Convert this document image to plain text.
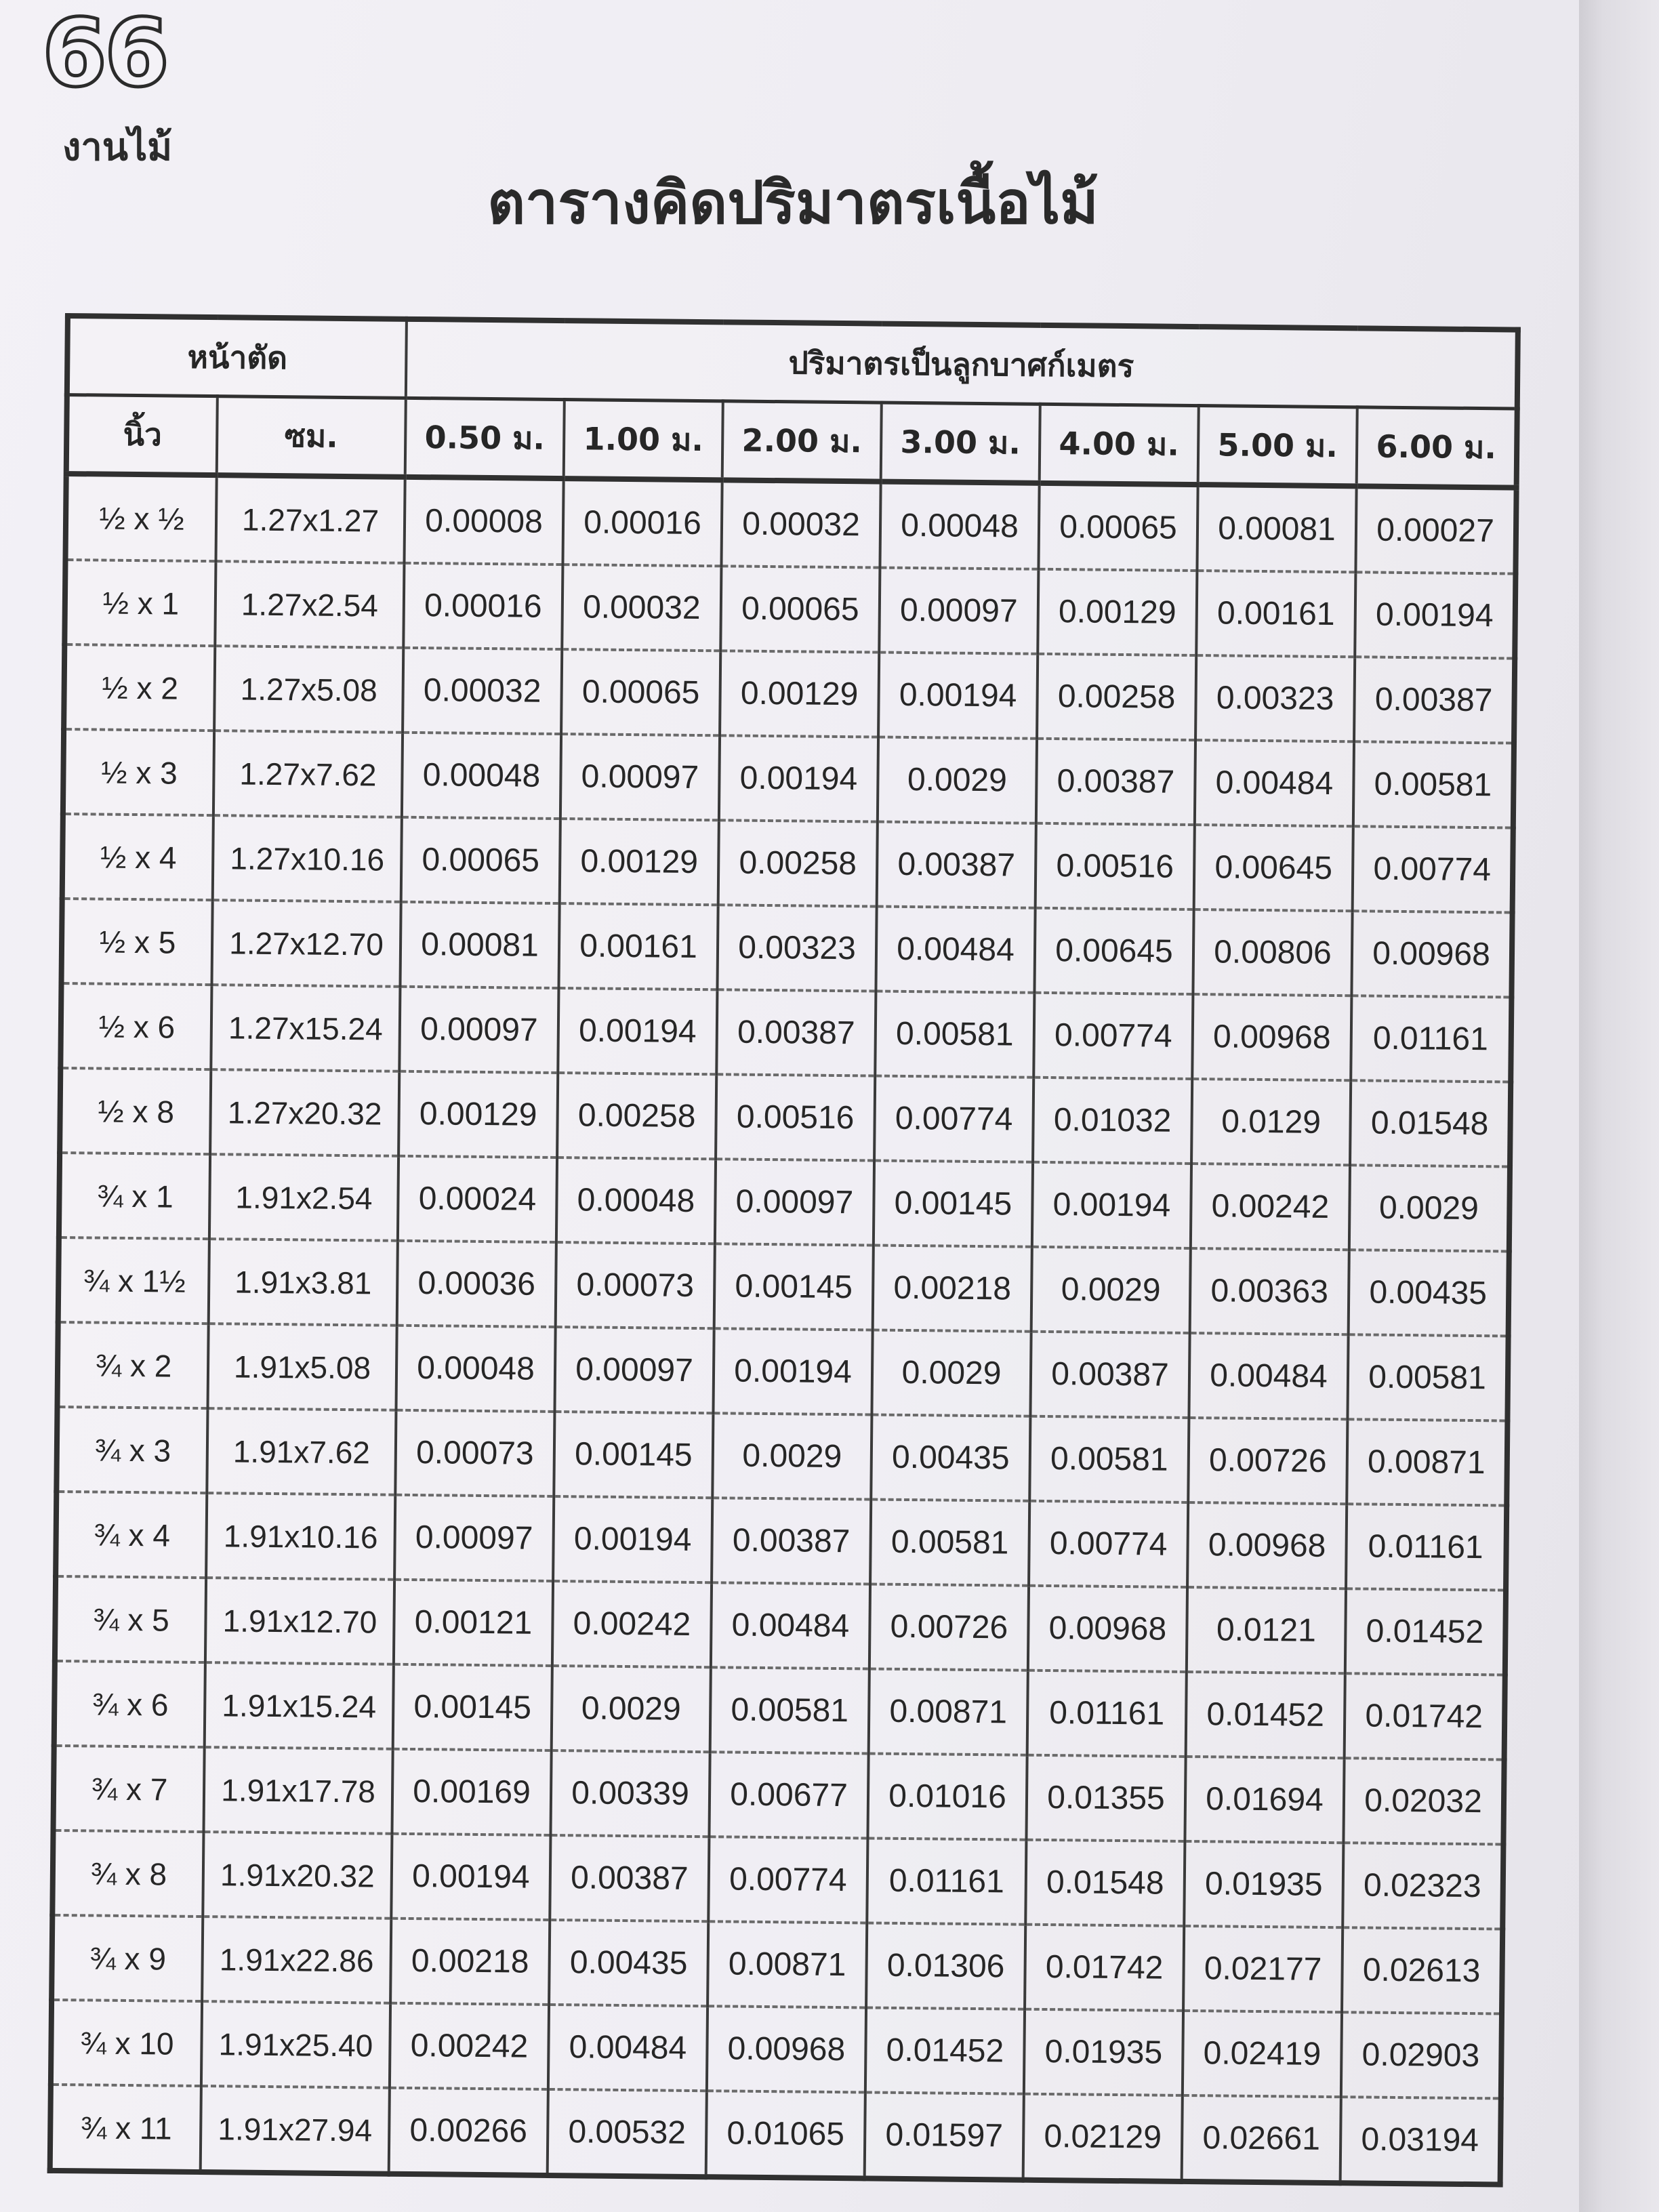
66
งานไม้
ตารางคิดปริมาตรเนื้อไม้
หน้าตัด		ปริมาตรเป็นลูกบาศก์เมตร						
นิ้ว	ซม.	0.50 ม.	1.00 ม.	2.00 ม.	3.00 ม.	4.00 ม.	5.00 ม.	6.00 ม.
½ x ½	1.27x1.27	0.00008	0.00016	0.00032	0.00048	0.00065	0.00081	0.00027
½ x 1	1.27x2.54	0.00016	0.00032	0.00065	0.00097	0.00129	0.00161	0.00194
½ x 2	1.27x5.08	0.00032	0.00065	0.00129	0.00194	0.00258	0.00323	0.00387
½ x 3	1.27x7.62	0.00048	0.00097	0.00194	0.0029	0.00387	0.00484	0.00581
½ x 4	1.27x10.16	0.00065	0.00129	0.00258	0.00387	0.00516	0.00645	0.00774
½ x 5	1.27x12.70	0.00081	0.00161	0.00323	0.00484	0.00645	0.00806	0.00968
½ x 6	1.27x15.24	0.00097	0.00194	0.00387	0.00581	0.00774	0.00968	0.01161
½ x 8	1.27x20.32	0.00129	0.00258	0.00516	0.00774	0.01032	0.0129	0.01548
¾ x 1	1.91x2.54	0.00024	0.00048	0.00097	0.00145	0.00194	0.00242	0.0029
¾ x 1½	1.91x3.81	0.00036	0.00073	0.00145	0.00218	0.0029	0.00363	0.00435
¾ x 2	1.91x5.08	0.00048	0.00097	0.00194	0.0029	0.00387	0.00484	0.00581
¾ x 3	1.91x7.62	0.00073	0.00145	0.0029	0.00435	0.00581	0.00726	0.00871
¾ x 4	1.91x10.16	0.00097	0.00194	0.00387	0.00581	0.00774	0.00968	0.01161
¾ x 5	1.91x12.70	0.00121	0.00242	0.00484	0.00726	0.00968	0.0121	0.01452
¾ x 6	1.91x15.24	0.00145	0.0029	0.00581	0.00871	0.01161	0.01452	0.01742
¾ x 7	1.91x17.78	0.00169	0.00339	0.00677	0.01016	0.01355	0.01694	0.02032
¾ x 8	1.91x20.32	0.00194	0.00387	0.00774	0.01161	0.01548	0.01935	0.02323
¾ x 9	1.91x22.86	0.00218	0.00435	0.00871	0.01306	0.01742	0.02177	0.02613
¾ x 10	1.91x25.40	0.00242	0.00484	0.00968	0.01452	0.01935	0.02419	0.02903
¾ x 11	1.91x27.94	0.00266	0.00532	0.01065	0.01597	0.02129	0.02661	0.03194
